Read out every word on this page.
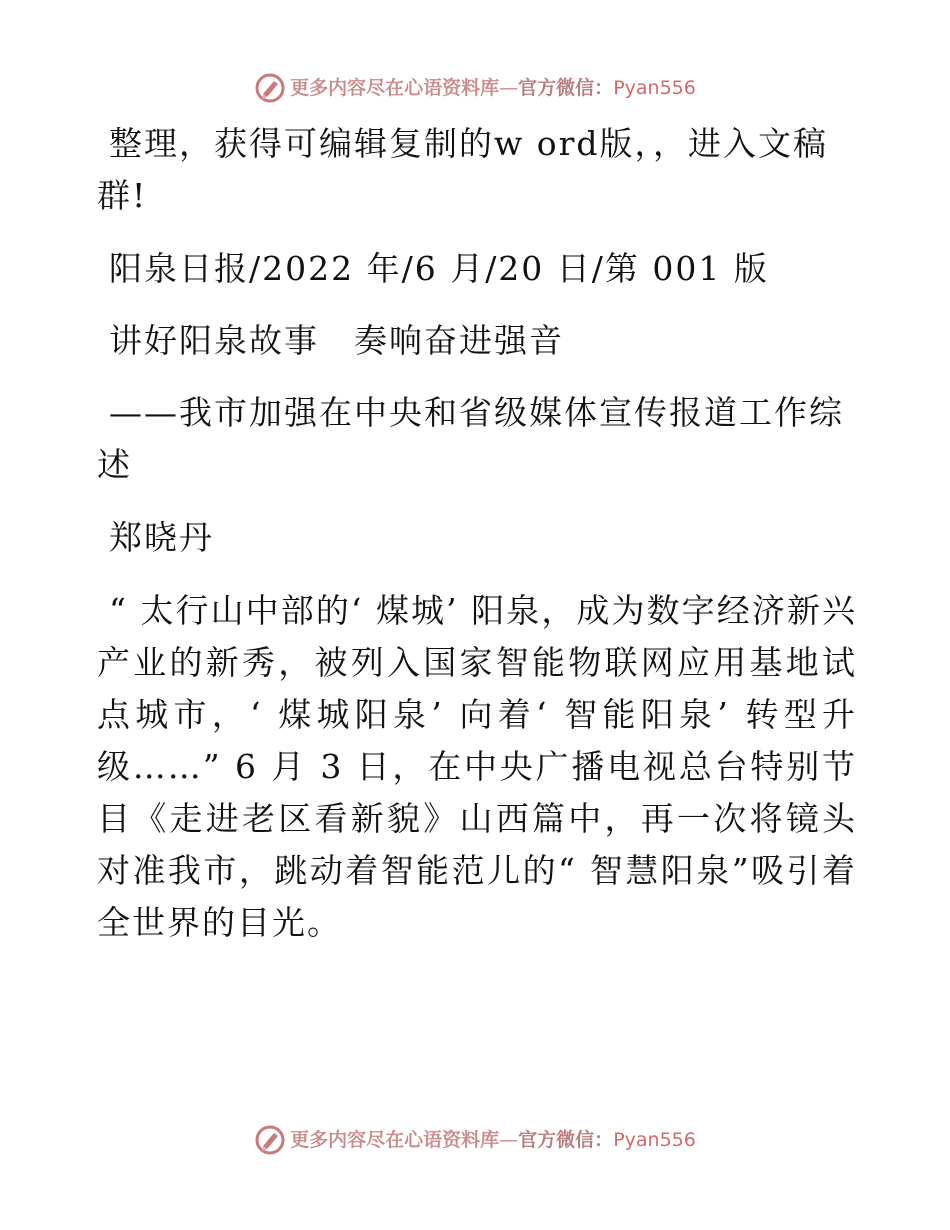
更多内容尽在心语资料库 — 官方微信： Pyan556

整理，获得可编辑复制的w ord版，，进入文稿群!

阳泉日报/2022 年/6 月/20 日/第 001 版

讲好阳泉故事　奏响奋进强音

——我市加强在中央和省级媒体宣传报道工作综述

郑晓丹

“ 太行山中部的‘ 煤城’ 阳泉，成为数字经济新兴产业的新秀，被列入国家智能物联网应用基地试点城市，‘ 煤城阳泉’ 向着‘ 智能阳泉’ 转型升级……” 6 月 3 日，在中央广播电视总台特别节目《走进老区看新貌》山西篇中，再一次将镜头对准我市，跳动着智能范儿的“ 智慧阳泉”吸引着全世界的目光。

更多内容尽在心语资料库 — 官方微信： Pyan556
